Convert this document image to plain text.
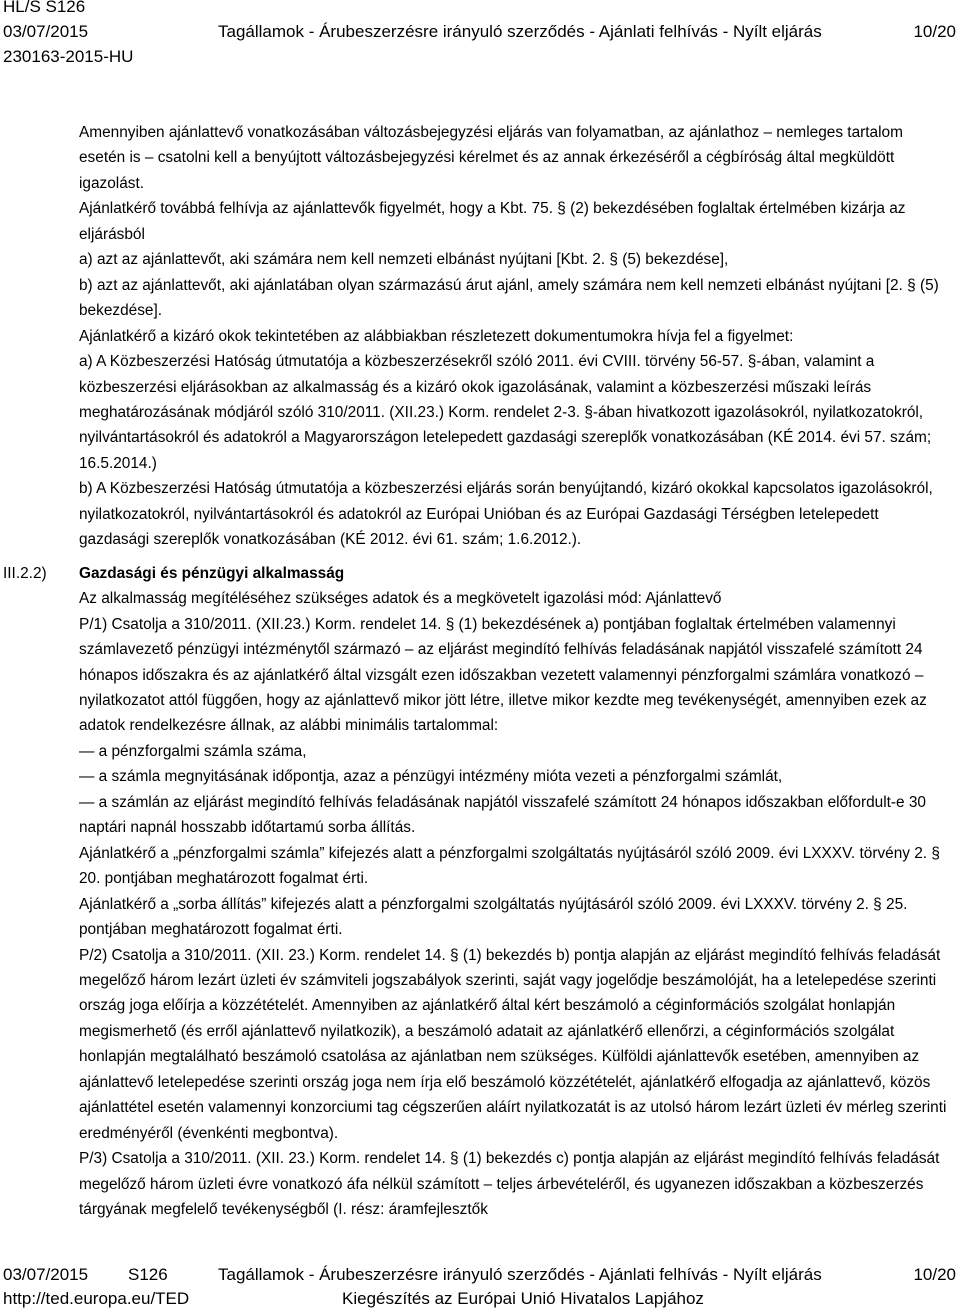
HL/S S126
03/07/2015	Tagállamok - Árubeszerzésre irányuló szerződés - Ajánlati felhívás - Nyílt eljárás	10/20
230163-2015-HU

Amennyiben ajánlattevő vonatkozásában változásbejegyzési eljárás van folyamatban, az ajánlathoz – nemleges tartalom esetén is – csatolni kell a benyújtott változásbejegyzési kérelmet és az annak érkezéséről a cégbíróság által megküldött igazolást.

Ajánlatkérő továbbá felhívja az ajánlattevők figyelmét, hogy a Kbt. 75. § (2) bekezdésében foglaltak értelmében kizárja az eljárásból

a) azt az ajánlattevőt, aki számára nem kell nemzeti elbánást nyújtani [Kbt. 2. § (5) bekezdése],

b) azt az ajánlattevőt, aki ajánlatában olyan származású árut ajánl, amely számára nem kell nemzeti elbánást nyújtani [2. § (5) bekezdése].

Ajánlatkérő a kizáró okok tekintetében az alábbiakban részletezett dokumentumokra hívja fel a figyelmet:

a) A Közbeszerzési Hatóság útmutatója a közbeszerzésekről szóló 2011. évi CVIII. törvény 56-57. §-ában, valamint a közbeszerzési eljárásokban az alkalmasság és a kizáró okok igazolásának, valamint a közbeszerzési műszaki leírás meghatározásának módjáról szóló 310/2011. (XII.23.) Korm. rendelet 2-3. §-ában hivatkozott igazolásokról, nyilatkozatokról, nyilvántartásokról és adatokról a Magyarországon letelepedett gazdasági szereplők vonatkozásában (KÉ 2014. évi 57. szám; 16.5.2014.)

b) A Közbeszerzési Hatóság útmutatója a közbeszerzési eljárás során benyújtandó, kizáró okokkal kapcsolatos igazolásokról, nyilatkozatokról, nyilvántartásokról és adatokról az Európai Unióban és az Európai Gazdasági Térségben letelepedett gazdasági szereplők vonatkozásában (KÉ 2012. évi 61. szám; 1.6.2012.).

III.2.2) Gazdasági és pénzügyi alkalmasság

Az alkalmasság megítéléséhez szükséges adatok és a megkövetelt igazolási mód: Ajánlattevő

P/1) Csatolja a 310/2011. (XII.23.) Korm. rendelet 14. § (1) bekezdésének a) pontjában foglaltak értelmében valamennyi számlavezető pénzügyi intézménytől származó – az eljárást megindító felhívás feladásának napjától visszafelé számított 24 hónapos időszakra és az ajánlatkérő által vizsgált ezen időszakban vezetett valamennyi pénzforgalmi számlára vonatkozó – nyilatkozatot attól függően, hogy az ajánlattevő mikor jött létre, illetve mikor kezdte meg tevékenységét, amennyiben ezek az adatok rendelkezésre állnak, az alábbi minimális tartalommal:

— a pénzforgalmi számla száma,

— a számla megnyitásának időpontja, azaz a pénzügyi intézmény mióta vezeti a pénzforgalmi számlát,

— a számlán az eljárást megindító felhívás feladásának napjától visszafelé számított 24 hónapos időszakban előfordult-e 30 naptári napnál hosszabb időtartamú sorba állítás.

Ajánlatkérő a „pénzforgalmi számla” kifejezés alatt a pénzforgalmi szolgáltatás nyújtásáról szóló 2009. évi LXXXV. törvény 2. § 20. pontjában meghatározott fogalmat érti.

Ajánlatkérő a „sorba állítás” kifejezés alatt a pénzforgalmi szolgáltatás nyújtásáról szóló 2009. évi LXXXV. törvény 2. § 25. pontjában meghatározott fogalmat érti.

P/2) Csatolja a 310/2011. (XII. 23.) Korm. rendelet 14. § (1) bekezdés b) pontja alapján az eljárást megindító felhívás feladását megelőző három lezárt üzleti év számviteli jogszabályok szerinti, saját vagy jogelődje beszámolóját, ha a letelepedése szerinti ország joga előírja a közzétételét. Amennyiben az ajánlatkérő által kért beszámoló a céginformációs szolgálat honlapján megismerhető (és erről ajánlattevő nyilatkozik), a beszámoló adatait az ajánlatkérő ellenőrzi, a céginformációs szolgálat honlapján megtalálható beszámoló csatolása az ajánlatban nem szükséges. Külföldi ajánlattevők esetében, amennyiben az ajánlattevő letelepedése szerinti ország joga nem írja elő beszámoló közzétételét, ajánlatkérő elfogadja az ajánlattevő, közös ajánlattétel esetén valamennyi konzorciumi tag cégszerűen aláírt nyilatkozatát is az utolsó három lezárt üzleti év mérleg szerinti eredményéről (évenkénti megbontva).

P/3) Csatolja a 310/2011. (XII. 23.) Korm. rendelet 14. § (1) bekezdés c) pontja alapján az eljárást megindító felhívás feladását megelőző három üzleti évre vonatkozó áfa nélkül számított – teljes árbevételéről, és ugyanezen időszakban a közbeszerzés tárgyának megfelelő tevékenységből (I. rész: áramfejlesztők

03/07/2015 S126	Tagállamok - Árubeszerzésre irányuló szerződés - Ajánlati felhívás - Nyílt eljárás	10/20
http://ted.europa.eu/TED	Kiegészítés az Európai Unió Hivatalos Lapjához
